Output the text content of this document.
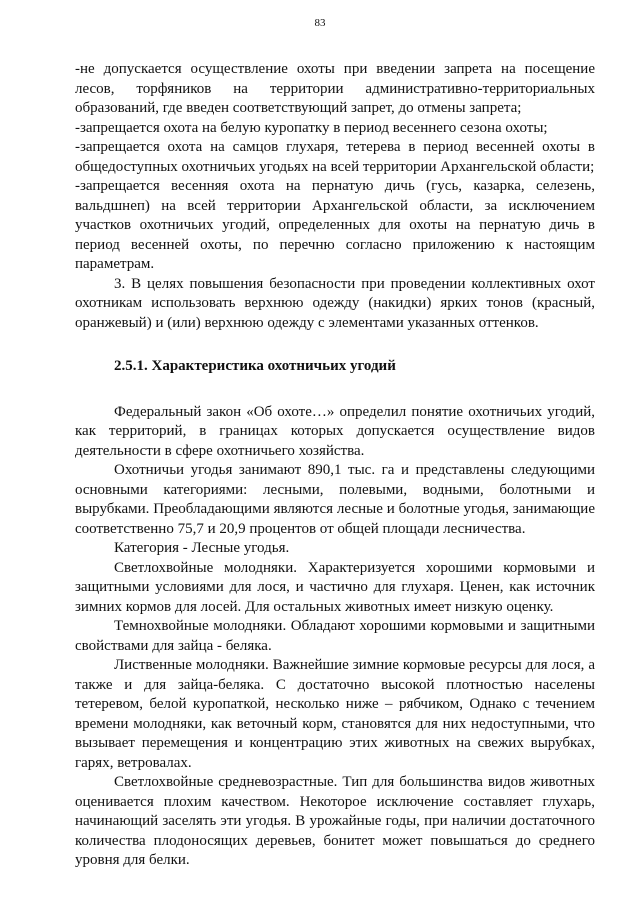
83

-не допускается осуществление охоты при введении запрета на посещение лесов, торфяников на территории административно-территориальных образований, где введен соответствующий запрет, до отмены запрета;

-запрещается охота на белую куропатку в период весеннего сезона охоты;

-запрещается охота на самцов глухаря, тетерева в период весенней охоты в общедоступных охотничьих угодьях на всей территории Архангельской области;

-запрещается весенняя охота на пернатую дичь (гусь, казарка, селезень, вальдшнеп) на всей территории Архангельской области, за исключением участков охотничьих угодий, определенных для охоты на пернатую дичь в период весенней охоты, по перечню согласно приложению к настоящим параметрам.

3. В целях повышения безопасности при проведении коллективных охот охотникам использовать верхнюю одежду (накидки) ярких тонов (красный, оранжевый) и (или) верхнюю одежду с элементами указанных оттенков.

2.5.1. Характеристика охотничьих угодий

Федеральный закон «Об охоте…» определил понятие охотничьих угодий, как территорий, в границах которых допускается осуществление видов деятельности в сфере охотничьего хозяйства.

Охотничьи угодья занимают 890,1 тыс. га и представлены следующими основными категориями: лесными, полевыми, водными, болотными и вырубками. Преобладающими являются лесные и болотные угодья, занимающие соответственно 75,7 и 20,9 процентов от общей площади лесничества.

Категория - Лесные угодья.

Светлохвойные молодняки. Характеризуется хорошими кормовыми и защитными условиями для лося, и частично для глухаря. Ценен, как источник зимних кормов для лосей. Для остальных животных имеет низкую оценку.

Темнохвойные молодняки. Обладают хорошими кормовыми и защитными свойствами для зайца - беляка.

Лиственные молодняки. Важнейшие зимние кормовые ресурсы для лося, а также и для зайца-беляка. С достаточно высокой плотностью населены тетеревом, белой куропаткой, несколько ниже – рябчиком, Однако с течением времени молодняки, как веточный корм, становятся для них недоступными, что вызывает перемещения и концентрацию этих животных на свежих вырубках, гарях, ветровалах.

Светлохвойные средневозрастные. Тип для большинства видов животных оценивается плохим качеством. Некоторое исключение составляет глухарь, начинающий заселять эти угодья. В урожайные годы, при наличии достаточного количества плодоносящих деревьев, бонитет может повышаться до среднего уровня для белки.
